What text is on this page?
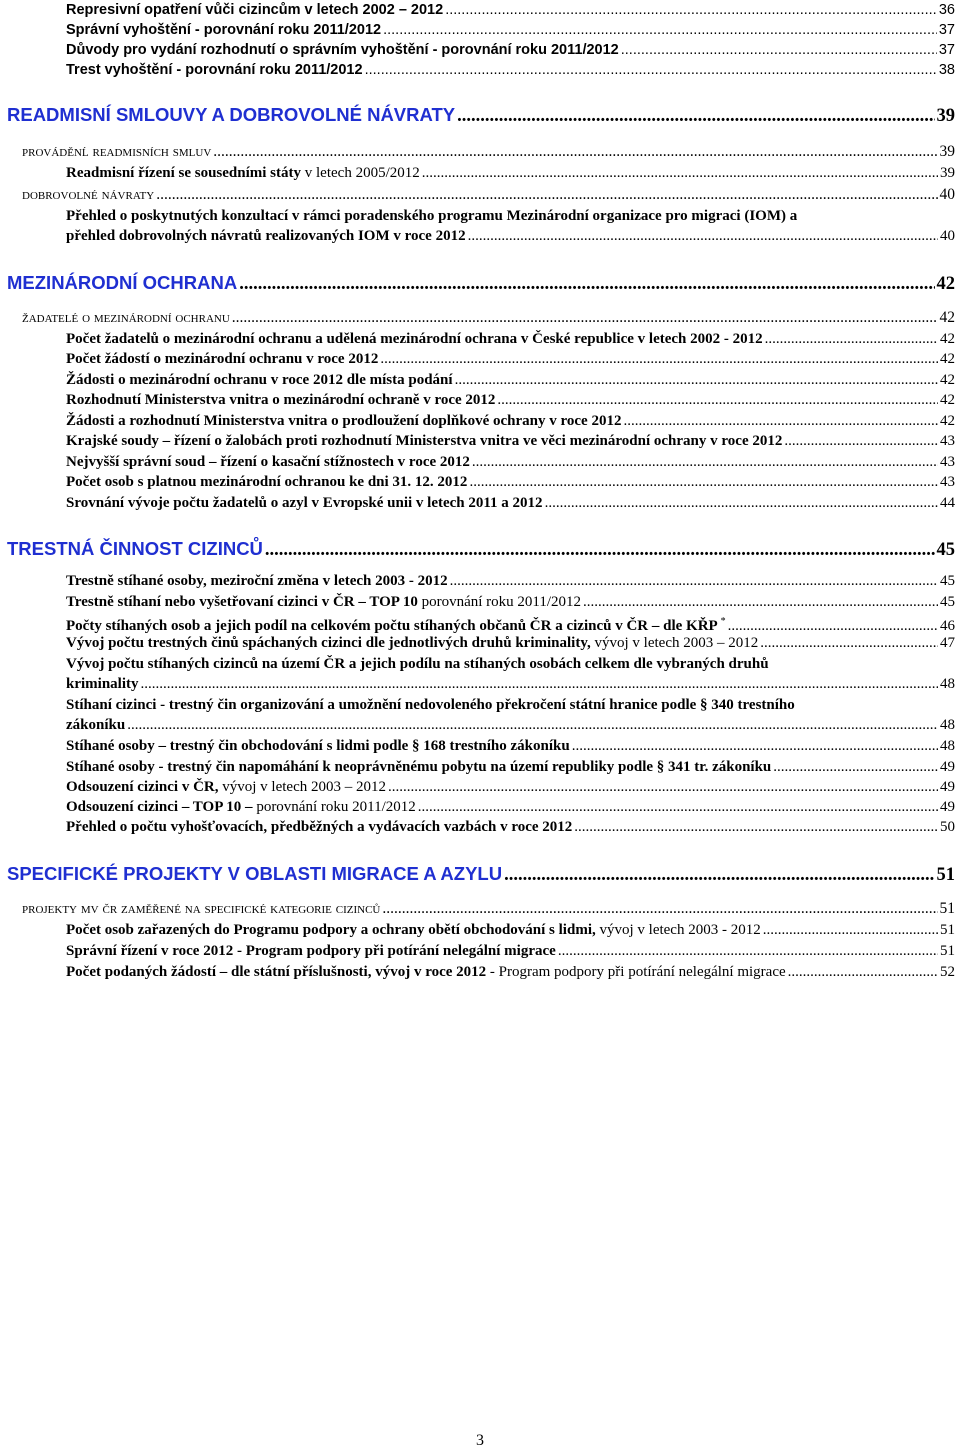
Represivní opatření vůči cizincům v letech 2002 – 2012 .....	36
Správní vyhoštění - porovnání roku 2011/2012 .....	37
Důvody pro vydání rozhodnutí o správním vyhoštění - porovnání roku 2011/2012 .....	37
Trest vyhoštění - porovnání roku 2011/2012 .....	38
READMISNÍ SMLOUVY A DOBROVOLNÉ NÁVRATY .....	39
prováděnĺ readmisních smluv .....	39
Readmisní řízení se sousedními státy v letech 2005/2012 .....	39
dobrovolné návraty .....	40
Přehled o poskytnutých konzultací v rámci poradenského programu Mezinárodní organizace pro migraci (IOM) a
přehled dobrovolných návratů realizovaných IOM v roce 2012 .....	40
MEZINÁRODNÍ OCHRANA .....	42
žadatelé o mezinárodní ochranu .....	42
Počet žadatelů o mezinárodní ochranu a udělená mezinárodní ochrana v České republice v letech 2002 - 2012 .....	42
Počet žádostí o mezinárodní ochranu v roce 2012 .....	42
Žádosti o mezinárodní ochranu v roce 2012 dle místa podání .....	42
Rozhodnutí Ministerstva vnitra o mezinárodní ochraně v roce 2012 .....	42
Žádosti a rozhodnutí Ministerstva vnitra o prodloužení doplňkové ochrany v roce 2012 .....	42
Krajské soudy – řízení o žalobách proti rozhodnutí Ministerstva vnitra ve věci mezinárodní ochrany v roce 2012 .....	43
Nejvyšší správní soud – řízení o kasační stížnostech v roce 2012 .....	43
Počet osob s platnou mezinárodní ochranou ke dni 31. 12. 2012 .....	43
Srovnání vývoje počtu žadatelů o azyl v Evropské unii v letech 2011 a 2012 .....	44
TRESTNÁ ČINNOST CIZINCŮ .....	45
Trestně stíhané osoby, meziroční změna v letech 2003 - 2012 .....	45
Trestně stíhaní nebo vyšetřovaní cizinci v ČR – TOP 10 porovnání roku 2011/2012 .....	45
Počty stíhaných osob a jejich podíl na celkovém počtu stíhaných občanů ČR a cizinců v ČR – dle KŘP * .....	46
Vývoj počtu trestných činů spáchaných cizinci dle jednotlivých druhů kriminality, vývoj v letech 2003 – 2012 .....	47
Vývoj počtu stíhaných cizinců na území ČR a jejich podílu na stíhaných osobách celkem dle vybraných druhů
kriminality .....	48
Stíhaní cizinci - trestný čin organizování a umožnění nedovoleného překročení státní hranice podle § 340 trestního
zákoníku .....	48
Stíhané osoby – trestný čin obchodování s lidmi podle § 168 trestního zákoníku .....	48
Stíhané osoby - trestný čin napomáhání k neoprávněnému pobytu na území republiky podle § 341 tr. zákoníku .....	49
Odsouzení cizinci v ČR, vývoj v letech 2003 – 2012 .....	49
Odsouzení cizinci – TOP 10 – porovnání roku 2011/2012 .....	49
Přehled o počtu vyhošťovacích, předběžných a vydávacích vazbách v roce 2012 .....	50
SPECIFICKÉ PROJEKTY V OBLASTI MIGRACE A AZYLU .....	51
projekty mv čr zaměřené na specifické kategorie cizinců .....	51
Počet osob zařazených do Programu podpory a ochrany obětí obchodování s lidmi, vývoj v letech 2003 - 2012 .....	51
Správní řízení v roce 2012 - Program podpory při potírání nelegální migrace .....	51
Počet podaných žádostí – dle státní příslušnosti, vývoj v roce 2012 - Program podpory při potírání nelegální migrace .....	52
3
